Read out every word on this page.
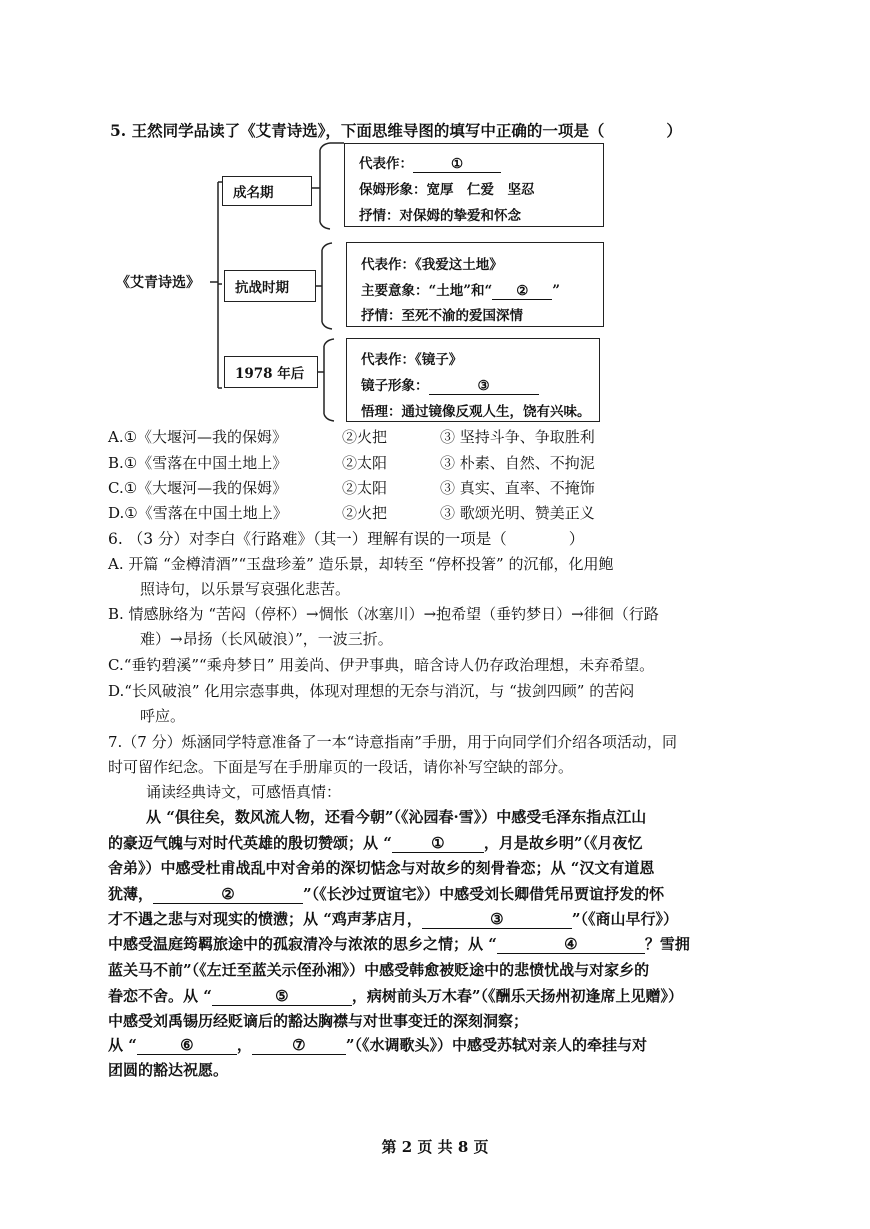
5. 王然同学品读了《艾青诗选》，下面思维导图的填写中正确的一项是（　　　　）
《艾青诗选》
成名期
抗战时期
1978 年后
代表作：	①
保姆形象：宽厚　仁爱　坚忍
抒情：对保姆的挚爱和怀念
代表作：《我爱这土地》
主要意象：“土地”和“ ② ”
抒情：至死不渝的爱国深情
代表作：《镜子》
镜子形象：	③
悟理：通过镜像反观人生，饶有兴味。
A.①《大堰河—我的保姆》	②火把	③ 坚持斗争、争取胜利
B.①《雪落在中国土地上》	②太阳	③ 朴素、自然、不拘泥
C.①《大堰河—我的保姆》	②太阳	③ 真实、直率、不掩饰
D.①《雪落在中国土地上》	②火把	③ 歌颂光明、赞美正义
6. （3 分）对李白《行路难》（其一）理解有误的一项是（　　　　）
A. 开篇 “金樽清酒”“玉盘珍羞” 造乐景，却转至 “停杯投箸” 的沉郁，化用鲍
照诗句，以乐景写哀强化悲苦。
B. 情感脉络为 “苦闷（停杯）→惆怅（冰塞川）→抱希望（垂钓梦日）→徘徊（行路
难）→昂扬（长风破浪）”，一波三折。
C.“垂钓碧溪”“乘舟梦日” 用姜尚、伊尹事典，暗含诗人仍存政治理想，未弃希望。
D.“长风破浪” 化用宗悫事典，体现对理想的无奈与消沉，与 “拔剑四顾” 的苦闷
呼应。
7.（7 分）烁涵同学特意准备了一本“诗意指南”手册，用于向同学们介绍各项活动，同
时可留作纪念。下面是写在手册扉页的一段话，请你补写空缺的部分。
诵读经典诗文，可感悟真情：
从 “俱往矣，数风流人物，还看今朝”（《沁园春·雪》）中感受毛泽东指点江山
的豪迈气魄与对时代英雄的殷切赞颂；从 “	①	，月是故乡明”（《月夜忆
舍弟》）中感受杜甫战乱中对舍弟的深切惦念与对故乡的刻骨眷恋；从 “汉文有道恩
犹薄，	②	”（《长沙过贾谊宅》）中感受刘长卿借凭吊贾谊抒发的怀
才不遇之悲与对现实的愤懑；从 “鸡声茅店月，	③	”（《商山早行》）
中感受温庭筠羁旅途中的孤寂清冷与浓浓的思乡之情；从 “	④	？雪拥
蓝关马不前”（《左迁至蓝关示侄孙湘》）中感受韩愈被贬途中的悲愤忧战与对家乡的
眷恋不舍。从 “	⑤	，病树前头万木春”（《酬乐天扬州初逢席上见赠》）
中感受刘禹锡历经贬谪后的豁达胸襟与对世事变迁的深刻洞察；
从 “	⑥	，	⑦	”（《水调歌头》）中感受苏轼对亲人的牵挂与对
团圆的豁达祝愿。
第 2 页 共 8 页
